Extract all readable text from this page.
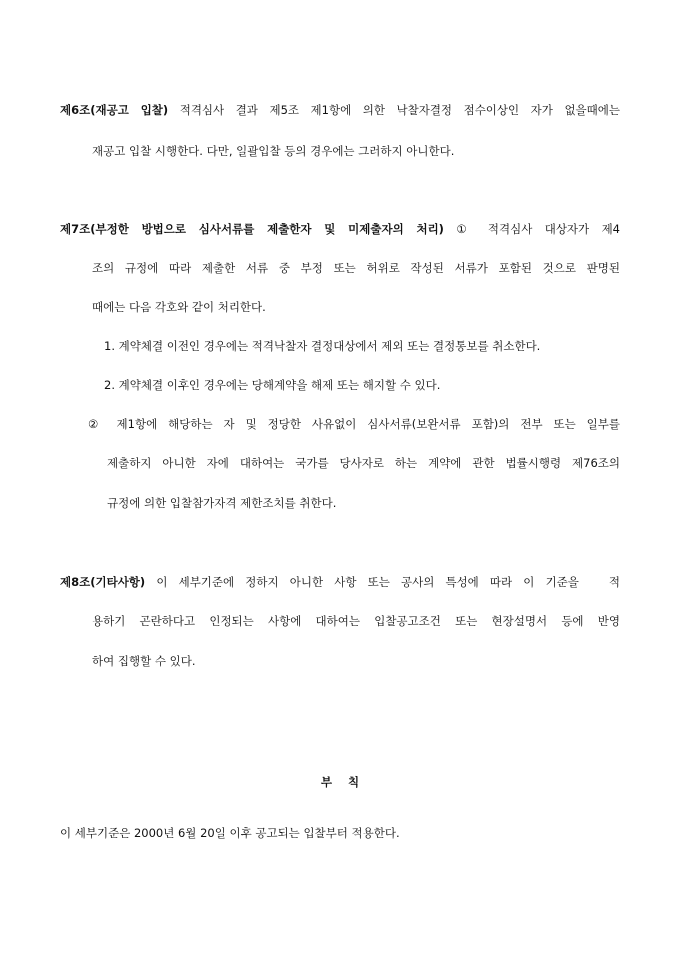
제6조(재공고 입찰) 적격심사 결과 제5조 제1항에 의한 낙찰자결정 점수이상인 자가 없을때에는
재공고 입찰 시행한다. 다만, 일괄입찰 등의 경우에는 그러하지 아니한다.
제7조(부정한 방법으로 심사서류를 제출한자 및 미제출자의 처리) ① 적격심사 대상자가 제4
조의 규정에 따라 제출한 서류 중 부정 또는 허위로 작성된 서류가 포함된 것으로 판명된
때에는 다음 각호와 같이 처리한다.
1. 계약체결 이전인 경우에는 적격낙찰자 결정대상에서 제외 또는 결정통보를 취소한다.
2. 계약체결 이후인 경우에는 당해계약을 해제 또는 해지할 수 있다.
② 제1항에 해당하는 자 및 정당한 사유없이 심사서류(보완서류 포함)의 전부 또는 일부를
제출하지 아니한 자에 대하여는 국가를 당사자로 하는 계약에 관한 법률시행령 제76조의
규정에 의한 입찰참가자격 제한조치를 취한다.
제8조(기타사항) 이 세부기준에 정하지 아니한 사항 또는 공사의 특성에 따라 이 기준을	적
용하기 곤란하다고 인정되는 사항에 대하여는 입찰공고조건 또는 현장설명서 등에 반영
하여 집행할 수 있다.
부    칙
이 세부기준은 2000년 6월 20일 이후 공고되는 입찰부터 적용한다.
